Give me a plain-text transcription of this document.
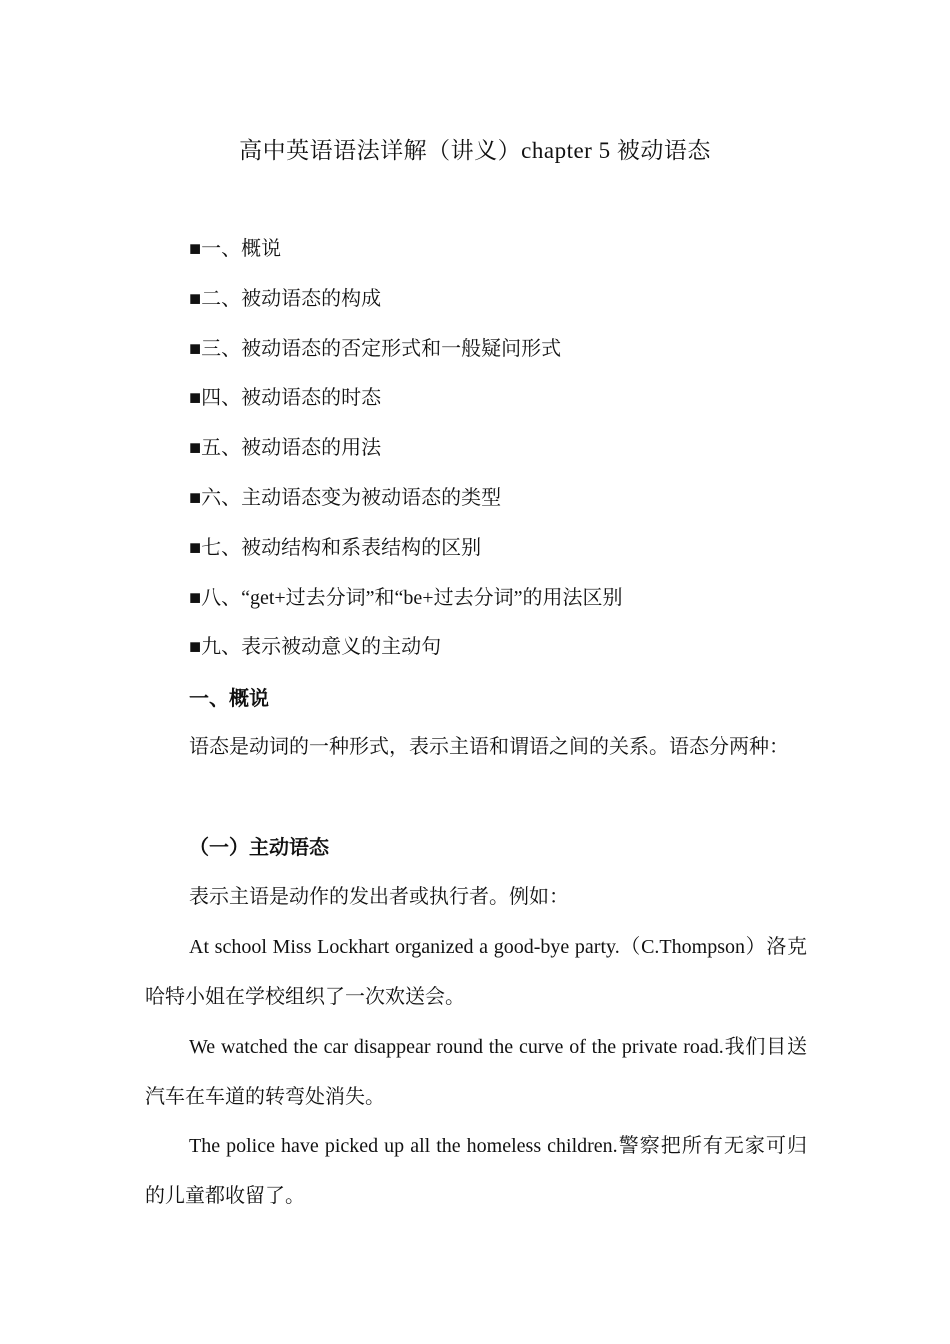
高中英语语法详解（讲义）chapter 5 被动语态
■一、概说
■二、被动语态的构成
■三、被动语态的否定形式和一般疑问形式
■四、被动语态的时态
■五、被动语态的用法
■六、主动语态变为被动语态的类型
■七、被动结构和系表结构的区别
■八、“get+过去分词”和“be+过去分词”的用法区别
■九、表示被动意义的主动句
一、概说

语态是动词的一种形式，表示主语和谓语之间的关系。语态分两种：

（一）主动语态

表示主语是动作的发出者或执行者。例如：

At school Miss Lockhart organized a good-bye party.（C.Thompson）洛克哈特小姐在学校组织了一次欢送会。

We watched the car disappear round the curve of the private road.我们目送汽车在车道的转弯处消失。

The police have picked up all the homeless children.警察把所有无家可归的儿童都收留了。
